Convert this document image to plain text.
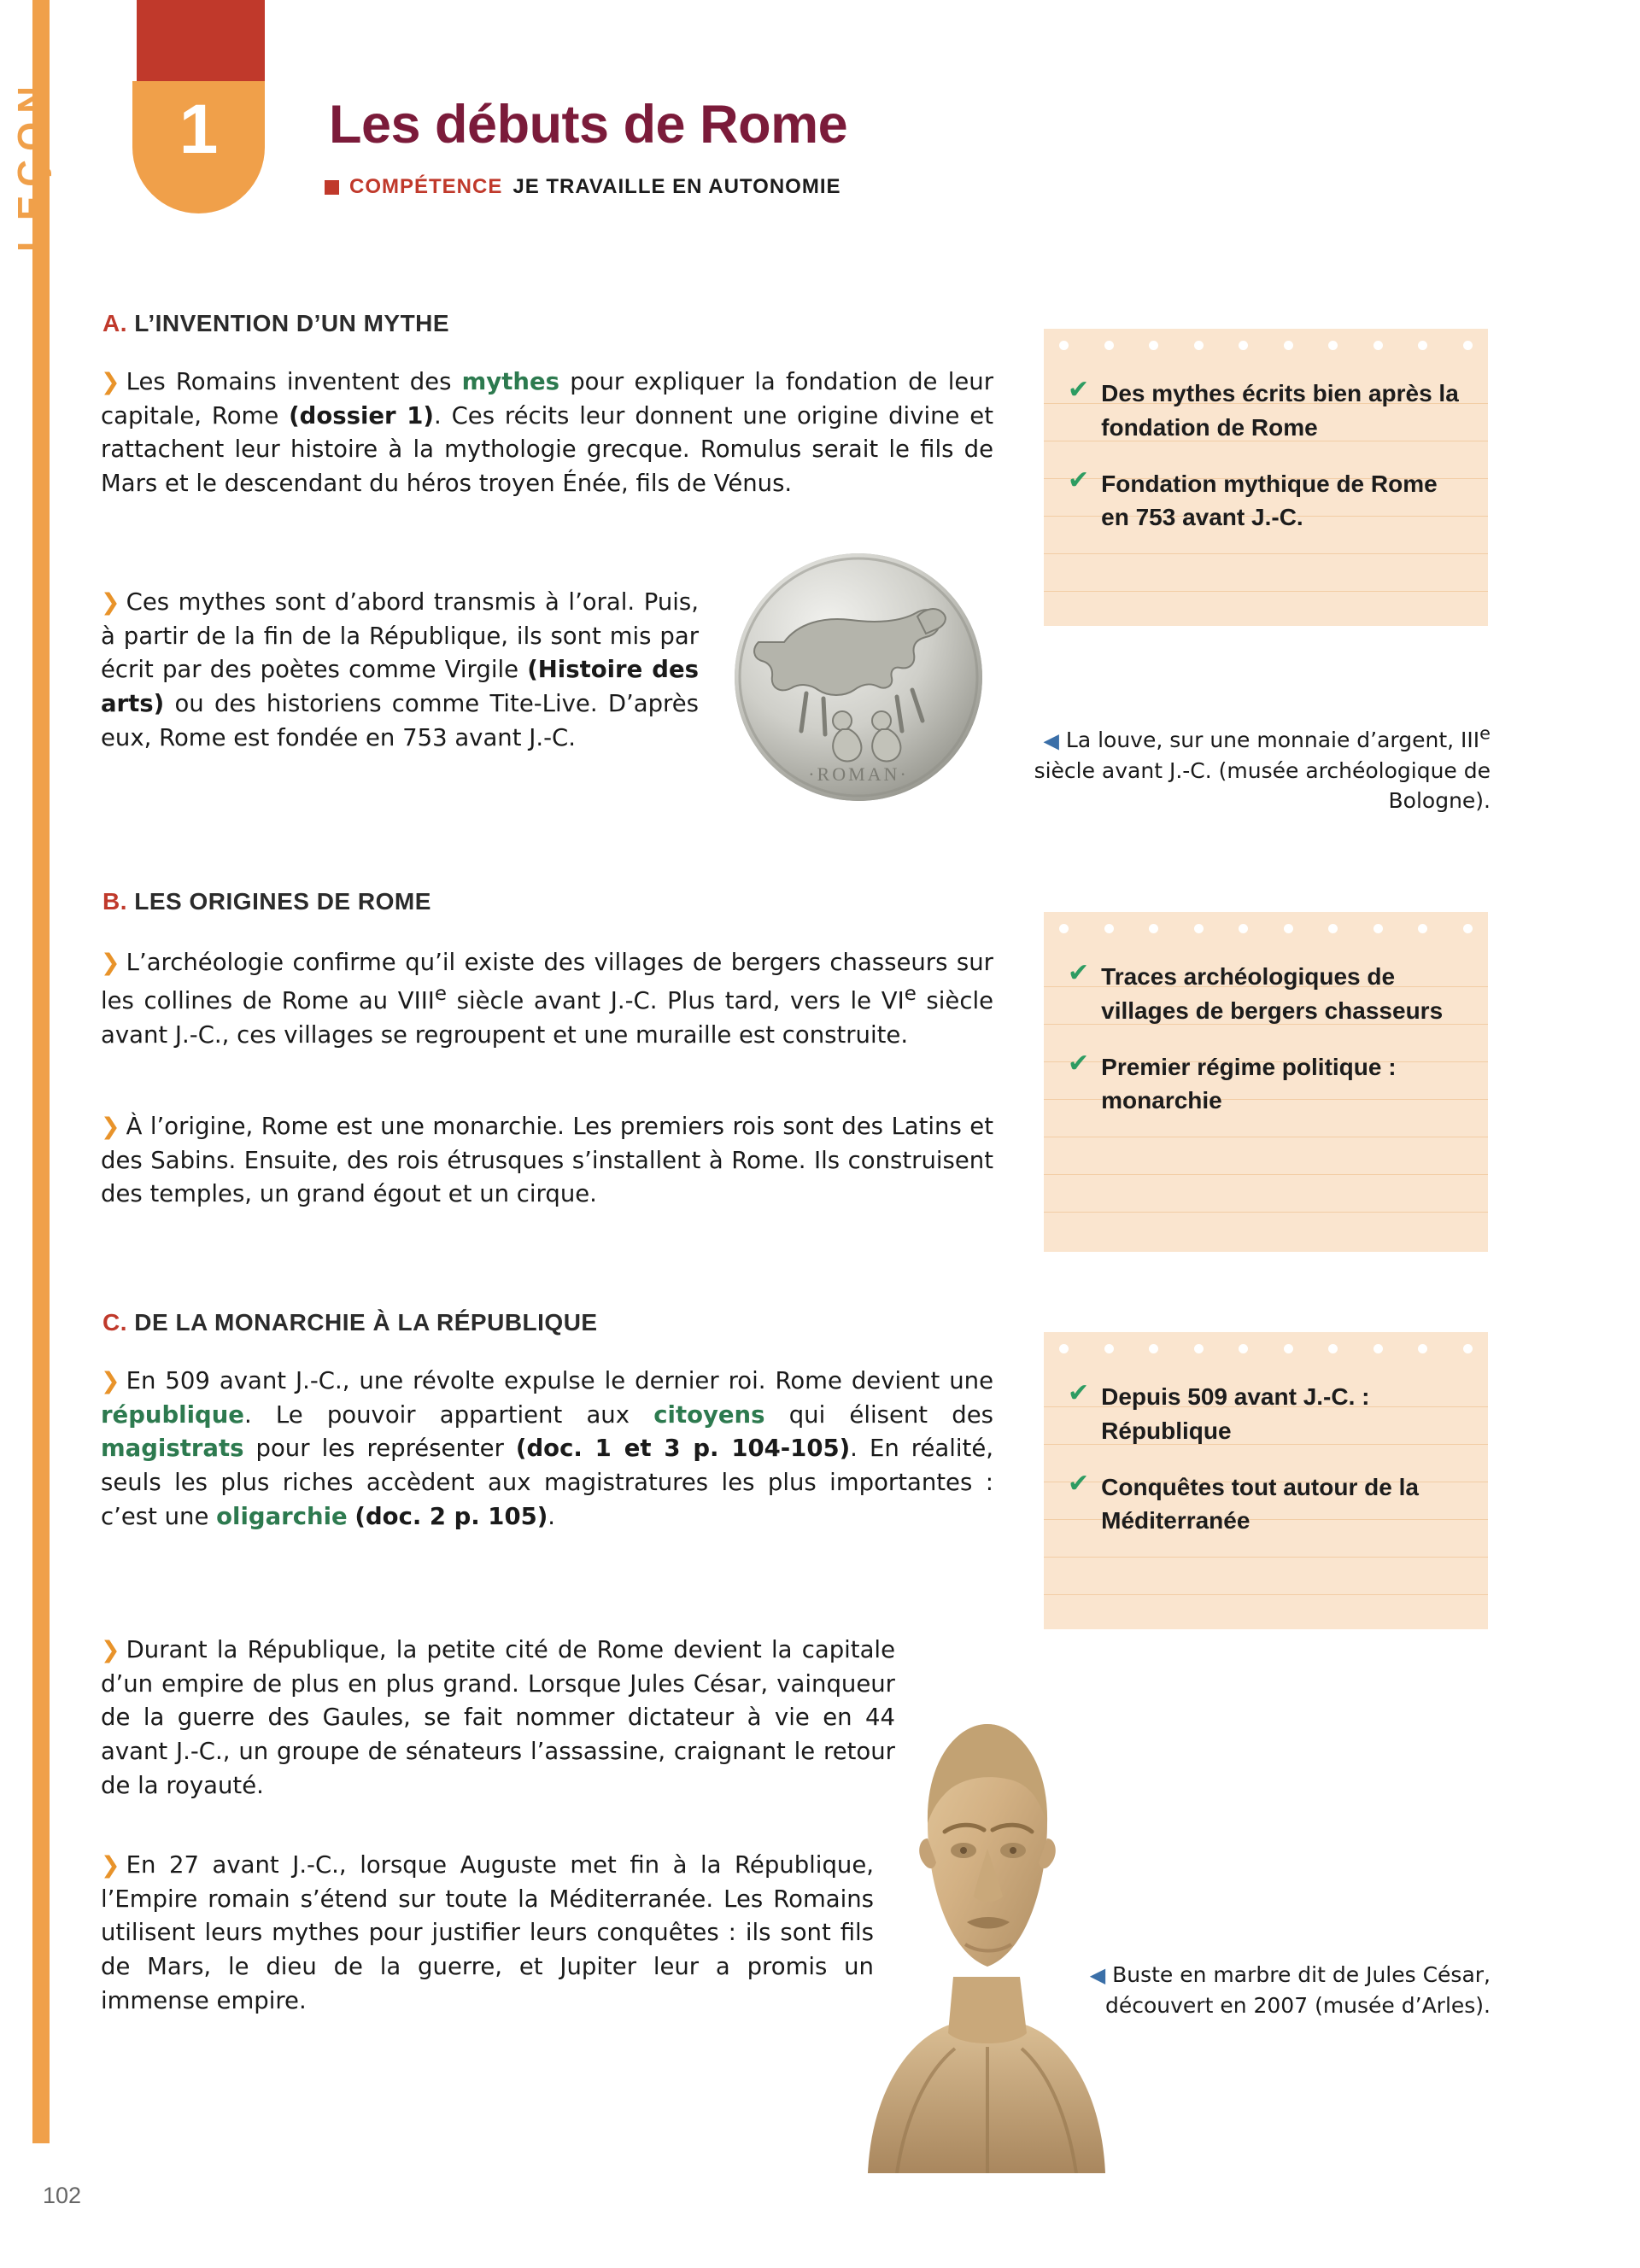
LEÇON	1	Les débuts de Rome
COMPÉTENCE JE TRAVAILLE EN AUTONOMIE
A. L’INVENTION D’UN MYTHE
❯ Les Romains inventent des mythes pour expliquer la fondation de leur capitale, Rome (dossier 1). Ces récits leur donnent une origine divine et rattachent leur histoire à la mythologie grecque. Romulus serait le fils de Mars et le descendant du héros troyen Énée, fils de Vénus.
❯ Ces mythes sont d’abord transmis à l’oral. Puis, à partir de la fin de la République, ils sont mis par écrit par des poètes comme Virgile (Histoire des arts) ou des historiens comme Tite-Live. D’après eux, Rome est fondée en 753 avant J.-C.
·ROMAN·
✔ Des mythes écrits bien après la fondation de Rome
✔ Fondation mythique de Rome en 753 avant J.-C.
◀ La louve, sur une monnaie d’argent, IIIe siècle avant J.-C. (musée archéologique de Bologne).
B. LES ORIGINES DE ROME
❯ L’archéologie confirme qu’il existe des villages de bergers chasseurs sur les collines de Rome au VIIIe siècle avant J.-C. Plus tard, vers le VIe siècle avant J.-C., ces villages se regroupent et une muraille est construite.
❯ À l’origine, Rome est une monarchie. Les premiers rois sont des Latins et des Sabins. Ensuite, des rois étrusques s’installent à Rome. Ils construisent des temples, un grand égout et un cirque.
✔ Traces archéologiques de villages de bergers chasseurs
✔ Premier régime politique : monarchie
C. DE LA MONARCHIE À LA RÉPUBLIQUE
❯ En 509 avant J.-C., une révolte expulse le dernier roi. Rome devient une république. Le pouvoir appartient aux citoyens qui élisent des magistrats pour les représenter (doc. 1 et 3 p. 104-105). En réalité, seuls les plus riches accèdent aux magistratures les plus importantes : c’est une oligarchie (doc. 2 p. 105).
❯ Durant la République, la petite cité de Rome devient la capitale d’un empire de plus en plus grand. Lorsque Jules César, vainqueur de la guerre des Gaules, se fait nommer dictateur à vie en 44 avant J.-C., un groupe de sénateurs l’assassine, craignant le retour de la royauté.
❯ En 27 avant J.-C., lorsque Auguste met fin à la République, l’Empire romain s’étend sur toute la Méditerranée. Les Romains utilisent leurs mythes pour justifier leurs conquêtes : ils sont fils de Mars, le dieu de la guerre, et Jupiter leur a promis un immense empire.
✔ Depuis 509 avant J.-C. : République
✔ Conquêtes tout autour de la Méditerranée
◀ Buste en marbre dit de Jules César, découvert en 2007 (musée d’Arles).
102
